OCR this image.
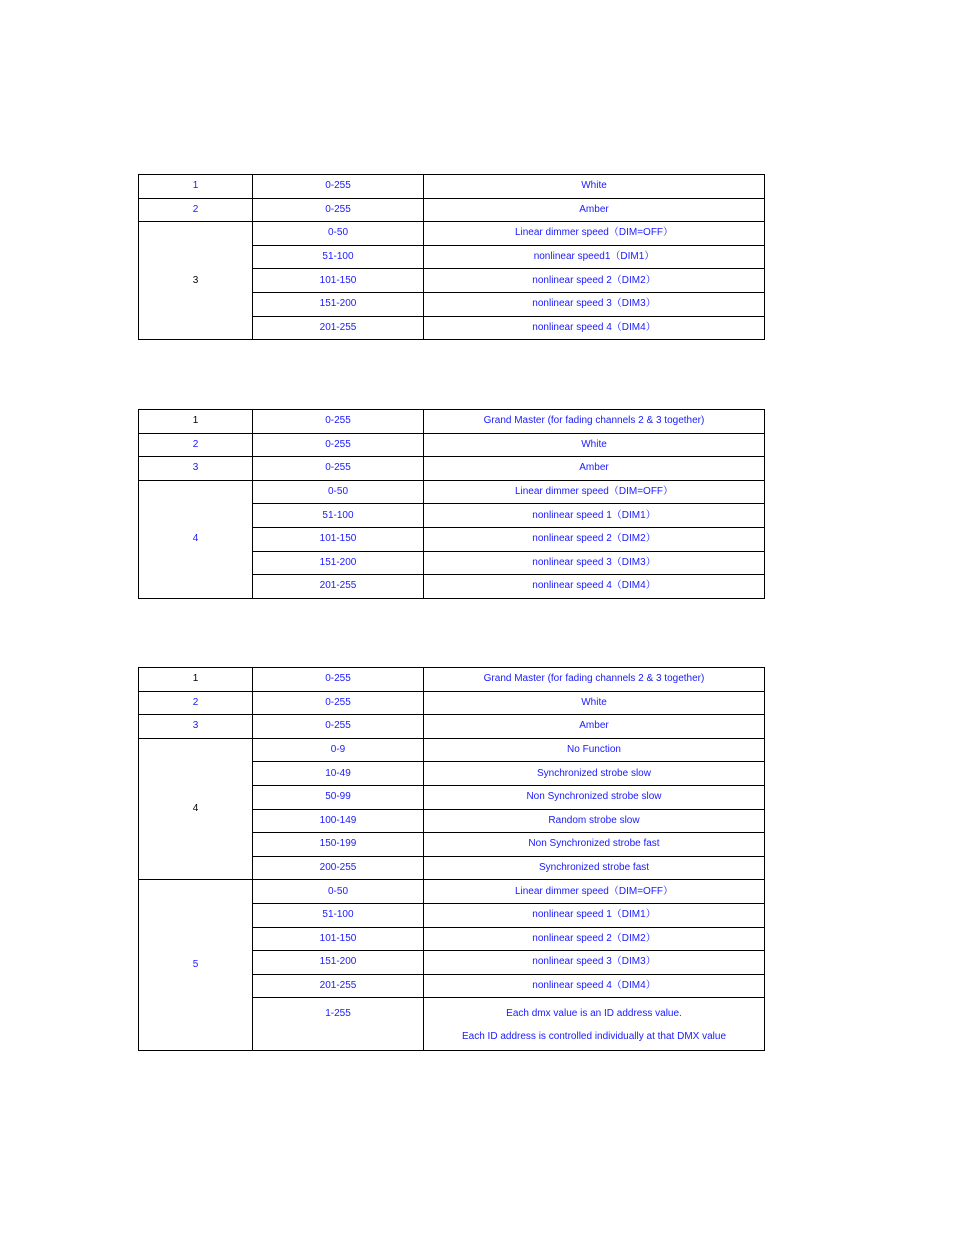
1	0-255	White
2	0-255	Amber
3	0-50	Linear dimmer speed（DIM=OFF）
	51-100	nonlinear speed1（DIM1）
	101-150	nonlinear speed 2（DIM2）
	151-200	nonlinear speed 3（DIM3）
	201-255	nonlinear speed 4（DIM4）
1	0-255	Grand Master (for fading channels 2 & 3 together)
2	0-255	White
3	0-255	Amber
4	0-50	Linear dimmer speed（DIM=OFF）
	51-100	nonlinear speed 1（DIM1）
	101-150	nonlinear speed 2（DIM2）
	151-200	nonlinear speed 3（DIM3）
	201-255	nonlinear speed 4（DIM4）
1	0-255	Grand Master (for fading channels 2 & 3 together)
2	0-255	White
3	0-255	Amber
4	0-9	No Function
	10-49	Synchronized strobe slow
	50-99	Non Synchronized strobe slow
	100-149	Random strobe slow
	150-199	Non Synchronized strobe fast
	200-255	Synchronized strobe fast
5	0-50	Linear dimmer speed（DIM=OFF）
	51-100	nonlinear speed 1（DIM1）
	101-150	nonlinear speed 2（DIM2）
	151-200	nonlinear speed 3（DIM3）
	201-255	nonlinear speed 4（DIM4）

	1-255	Each dmx value is an ID address value.
Each ID address is controlled individually at that DMX value
